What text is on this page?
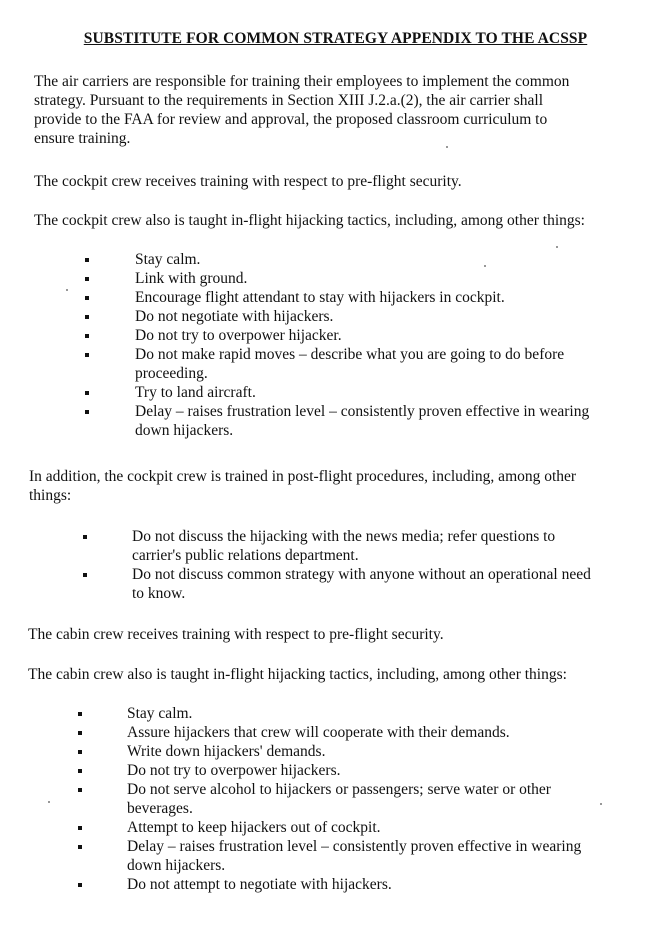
SUBSTITUTE FOR COMMON STRATEGY APPENDIX TO THE ACSSP

The air carriers are responsible for training their employees to implement the common
strategy. Pursuant to the requirements in Section XIII J.2.a.(2), the air carrier shall
provide to the FAA for review and approval, the proposed classroom curriculum to
ensure training.

The cockpit crew receives training with respect to pre-flight security.

The cockpit crew also is taught in-flight hijacking tactics, including, among other things:

Stay calm.
Link with ground.
Encourage flight attendant to stay with hijackers in cockpit.
Do not negotiate with hijackers.
Do not try to overpower hijacker.
Do not make rapid moves – describe what you are going to do before
proceeding.
Try to land aircraft.
Delay – raises frustration level – consistently proven effective in wearing
down hijackers.

In addition, the cockpit crew is trained in post-flight procedures, including, among other
things:

Do not discuss the hijacking with the news media; refer questions to
carrier's public relations department.
Do not discuss common strategy with anyone without an operational need
to know.

The cabin crew receives training with respect to pre-flight security.

The cabin crew also is taught in-flight hijacking tactics, including, among other things:

Stay calm.
Assure hijackers that crew will cooperate with their demands.
Write down hijackers' demands.
Do not try to overpower hijackers.
Do not serve alcohol to hijackers or passengers; serve water or other
beverages.
Attempt to keep hijackers out of cockpit.
Delay – raises frustration level – consistently proven effective in wearing
down hijackers.
Do not attempt to negotiate with hijackers.
